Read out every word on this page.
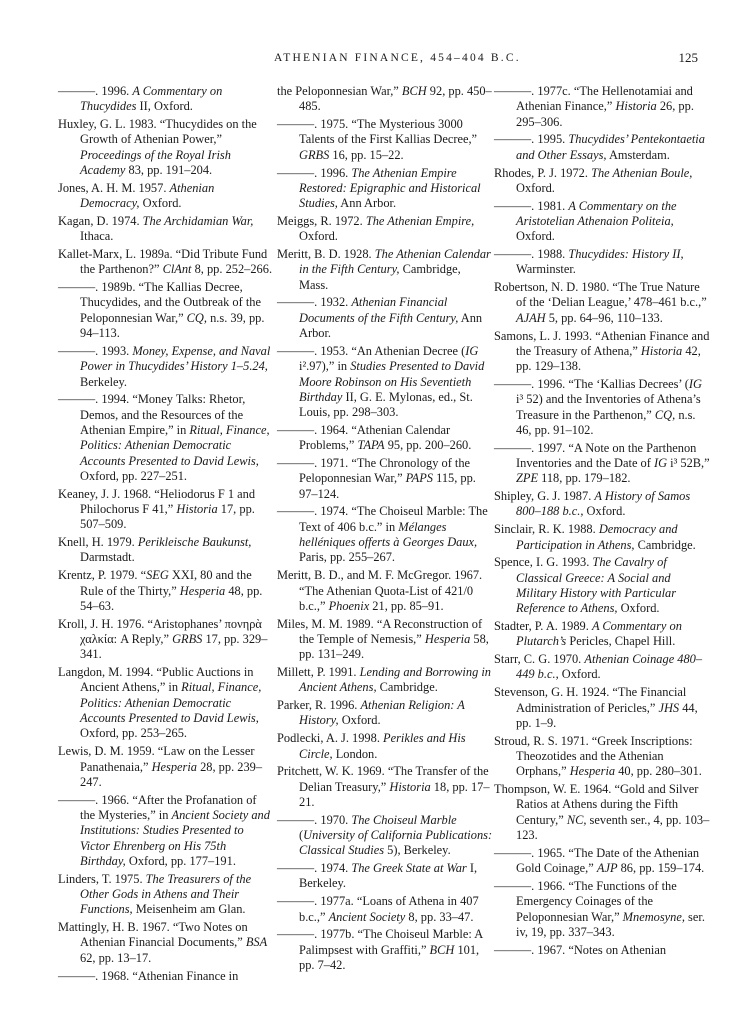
ATHENIAN FINANCE, 454–404 B.C.	125

———. 1996. A Commentary on Thucydides II, Oxford.

Huxley, G. L. 1983. “Thucydides on the Growth of Athenian Power,” Proceedings of the Royal Irish Academy 83, pp. 191–204.

Jones, A. H. M. 1957. Athenian Democracy, Oxford.

Kagan, D. 1974. The Archidamian War, Ithaca.

Kallet-Marx, L. 1989a. “Did Tribute Fund the Parthenon?” ClAnt 8, pp. 252–266.

———. 1989b. “The Kallias Decree, Thucydides, and the Outbreak of the Peloponnesian War,” CQ, n.s. 39, pp. 94–113.

———. 1993. Money, Expense, and Naval Power in Thucydides’ History 1–5.24, Berkeley.

———. 1994. “Money Talks: Rhetor, Demos, and the Resources of the Athenian Empire,” in Ritual, Finance, Politics: Athenian Democratic Accounts Presented to David Lewis, Oxford, pp. 227–251.

Keaney, J. J. 1968. “Heliodorus F 1 and Philochorus F 41,” Historia 17, pp. 507–509.

Knell, H. 1979. Perikleische Baukunst, Darmstadt.

Krentz, P. 1979. “SEG XXI, 80 and the Rule of the Thirty,” Hesperia 48, pp. 54–63.

Kroll, J. H. 1976. “Aristophanes’ πονηρὰ χαλκία: A Reply,” GRBS 17, pp. 329–341.

Langdon, M. 1994. “Public Auctions in Ancient Athens,” in Ritual, Finance, Politics: Athenian Democratic Accounts Presented to David Lewis, Oxford, pp. 253–265.

Lewis, D. M. 1959. “Law on the Lesser Panathenaia,” Hesperia 28, pp. 239–247.

———. 1966. “After the Profanation of the Mysteries,” in Ancient Society and Institutions: Studies Presented to Victor Ehrenberg on His 75th Birthday, Oxford, pp. 177–191.

Linders, T. 1975. The Treasurers of the Other Gods in Athens and Their Functions, Meisenheim am Glan.

Mattingly, H. B. 1967. “Two Notes on Athenian Financial Documents,” BSA 62, pp. 13–17.

———. 1968. “Athenian Finance in

the Peloponnesian War,” BCH 92, pp. 450–485.

———. 1975. “The Mysterious 3000 Talents of the First Kallias Decree,” GRBS 16, pp. 15–22.

———. 1996. The Athenian Empire Restored: Epigraphic and Historical Studies, Ann Arbor.

Meiggs, R. 1972. The Athenian Empire, Oxford.

Meritt, B. D. 1928. The Athenian Calendar in the Fifth Century, Cambridge, Mass.

———. 1932. Athenian Financial Documents of the Fifth Century, Ann Arbor.

———. 1953. “An Athenian Decree (IG i².97),” in Studies Presented to David Moore Robinson on His Seventieth Birthday II, G. E. Mylonas, ed., St. Louis, pp. 298–303.

———. 1964. “Athenian Calendar Problems,” TAPA 95, pp. 200–260.

———. 1971. “The Chronology of the Peloponnesian War,” PAPS 115, pp. 97–124.

———. 1974. “The Choiseul Marble: The Text of 406 b.c.” in Mélanges helléniques offerts à Georges Daux, Paris, pp. 255–267.

Meritt, B. D., and M. F. McGregor. 1967. “The Athenian Quota-List of 421/0 b.c.,” Phoenix 21, pp. 85–91.

Miles, M. M. 1989. “A Reconstruction of the Temple of Nemesis,” Hesperia 58, pp. 131–249.

Millett, P. 1991. Lending and Borrowing in Ancient Athens, Cambridge.

Parker, R. 1996. Athenian Religion: A History, Oxford.

Podlecki, A. J. 1998. Perikles and His Circle, London.

Pritchett, W. K. 1969. “The Transfer of the Delian Treasury,” Historia 18, pp. 17–21.

———. 1970. The Choiseul Marble (University of California Publications: Classical Studies 5), Berkeley.

———. 1974. The Greek State at War I, Berkeley.

———. 1977a. “Loans of Athena in 407 b.c.,” Ancient Society 8, pp. 33–47.

———. 1977b. “The Choiseul Marble: A Palimpsest with Graffiti,” BCH 101, pp. 7–42.

———. 1977c. “The Hellenotamiai and Athenian Finance,” Historia 26, pp. 295–306.

———. 1995. Thucydides’ Pentekontaetia and Other Essays, Amsterdam.

Rhodes, P. J. 1972. The Athenian Boule, Oxford.

———. 1981. A Commentary on the Aristotelian Athenaion Politeia, Oxford.

———. 1988. Thucydides: History II, Warminster.

Robertson, N. D. 1980. “The True Nature of the ‘Delian League,’ 478–461 b.c.,” AJAH 5, pp. 64–96, 110–133.

Samons, L. J. 1993. “Athenian Finance and the Treasury of Athena,” Historia 42, pp. 129–138.

———. 1996. “The ‘Kallias Decrees’ (IG i³ 52) and the Inventories of Athena’s Treasure in the Parthenon,” CQ, n.s. 46, pp. 91–102.

———. 1997. “A Note on the Parthenon Inventories and the Date of IG i³ 52B,” ZPE 118, pp. 179–182.

Shipley, G. J. 1987. A History of Samos 800–188 b.c., Oxford.

Sinclair, R. K. 1988. Democracy and Participation in Athens, Cambridge.

Spence, I. G. 1993. The Cavalry of Classical Greece: A Social and Military History with Particular Reference to Athens, Oxford.

Stadter, P. A. 1989. A Commentary on Plutarch’s Pericles, Chapel Hill.

Starr, C. G. 1970. Athenian Coinage 480–449 b.c., Oxford.

Stevenson, G. H. 1924. “The Financial Administration of Pericles,” JHS 44, pp. 1–9.

Stroud, R. S. 1971. “Greek Inscriptions: Theozotides and the Athenian Orphans,” Hesperia 40, pp. 280–301.

Thompson, W. E. 1964. “Gold and Silver Ratios at Athens during the Fifth Century,” NC, seventh ser., 4, pp. 103–123.

———. 1965. “The Date of the Athenian Gold Coinage,” AJP 86, pp. 159–174.

———. 1966. “The Functions of the Emergency Coinages of the Peloponnesian War,” Mnemosyne, ser. iv, 19, pp. 337–343.

———. 1967. “Notes on Athenian
